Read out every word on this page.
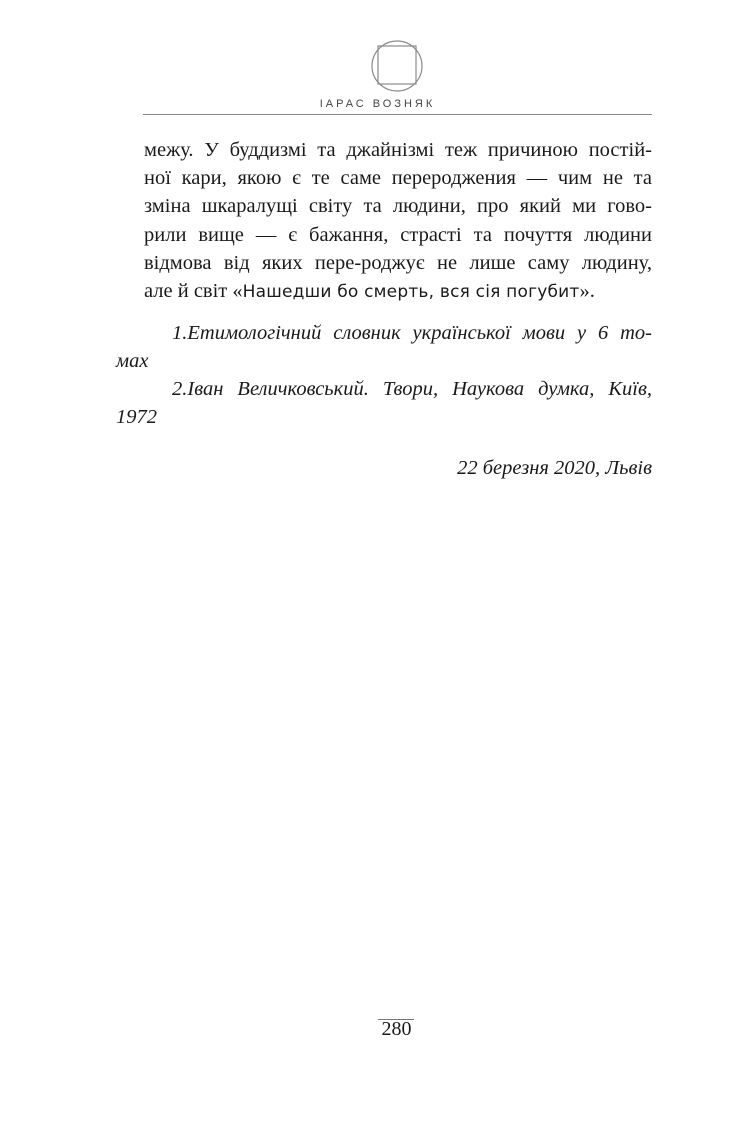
ІАРАС ВОЗНЯК
межу. У буддизмі та джайнізмі теж причиною постій-
ної кари, якою є те саме перероджения — чим не та
зміна шкаралущі світу та людини, про який ми гово-
рили вище — є бажання, страсті та почуття людини
відмова від яких пере-роджує не лише саму людину,
але й світ «Нашедши бо смерть, вся сія погубит».
1.Етимологічний словник української мови у 6 то-
мах
2.Іван Величковський. Твори, Наукова думка, Київ,
1972
22 березня 2020, Львів
280
